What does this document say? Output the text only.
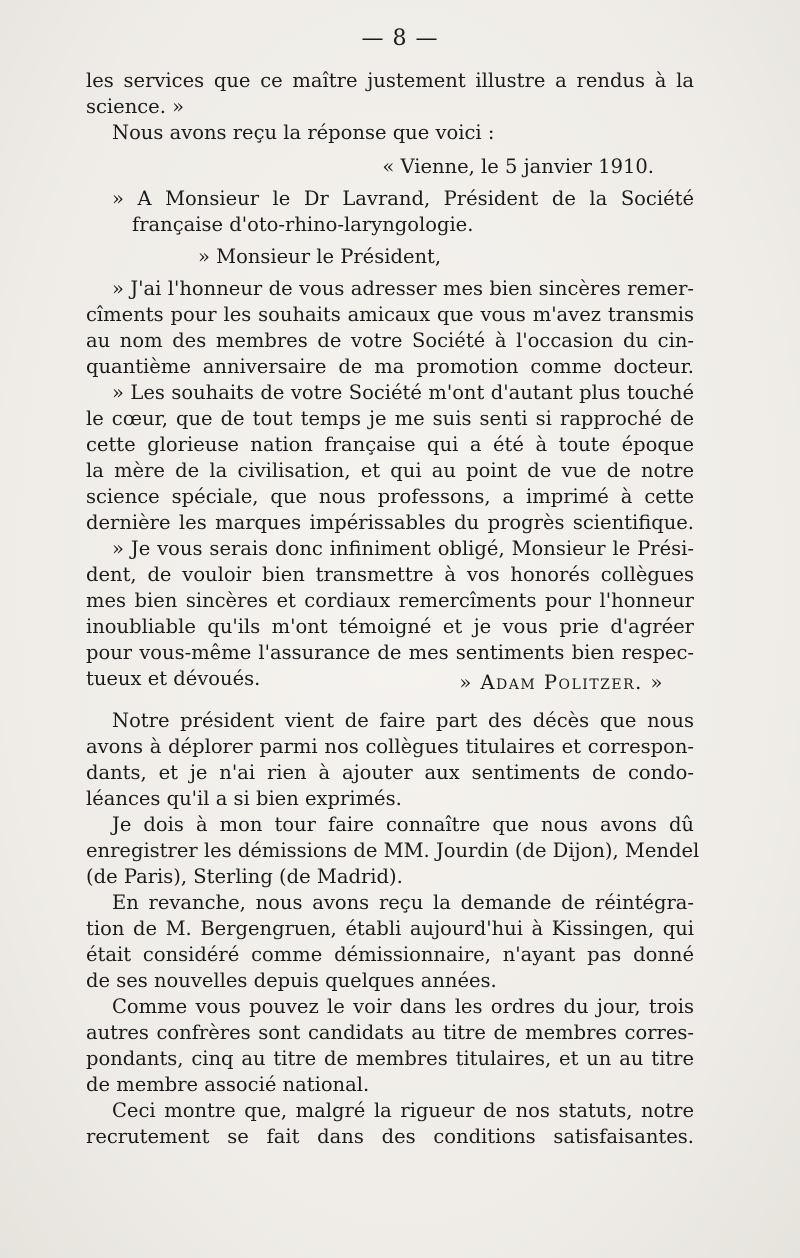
— 8 —
les services que ce maître justement illustre a rendus à la
science. »
Nous avons reçu la réponse que voici :
« Vienne, le 5 janvier 1910.
» A Monsieur le Dr Lavrand, Président de la Société
française d'oto-rhino-laryngologie.
» Monsieur le Président,
» J'ai l'honneur de vous adresser mes bien sincères remer-
cîments pour les souhaits amicaux que vous m'avez transmis
au nom des membres de votre Société à l'occasion du cin-
quantième anniversaire de ma promotion comme docteur.
» Les souhaits de votre Société m'ont d'autant plus touché
le cœur, que de tout temps je me suis senti si rapproché de
cette glorieuse nation française qui a été à toute époque
la mère de la civilisation, et qui au point de vue de notre
science spéciale, que nous professons, a imprimé à cette
dernière les marques impérissables du progrès scientifique.
» Je vous serais donc infiniment obligé, Monsieur le Prési-
dent, de vouloir bien transmettre à vos honorés collègues
mes bien sincères et cordiaux remercîments pour l'honneur
inoubliable qu'ils m'ont témoigné et je vous prie d'agréer
pour vous-même l'assurance de mes sentiments bien respec-
tueux et dévoués.	» Adam Politzer. »
Notre président vient de faire part des décès que nous
avons à déplorer parmi nos collègues titulaires et correspon-
dants, et je n'ai rien à ajouter aux sentiments de condo-
léances qu'il a si bien exprimés.
Je dois à mon tour faire connaître que nous avons dû
enregistrer les démissions de MM. Jourdin (de Dijon), Mendel
(de Paris), Sterling (de Madrid).
En revanche, nous avons reçu la demande de réintégra-
tion de M. Bergengruen, établi aujourd'hui à Kissingen, qui
était considéré comme démissionnaire, n'ayant pas donné
de ses nouvelles depuis quelques années.
Comme vous pouvez le voir dans les ordres du jour, trois
autres confrères sont candidats au titre de membres corres-
pondants, cinq au titre de membres titulaires, et un au titre
de membre associé national.
Ceci montre que, malgré la rigueur de nos statuts, notre
recrutement se fait dans des conditions satisfaisantes.
